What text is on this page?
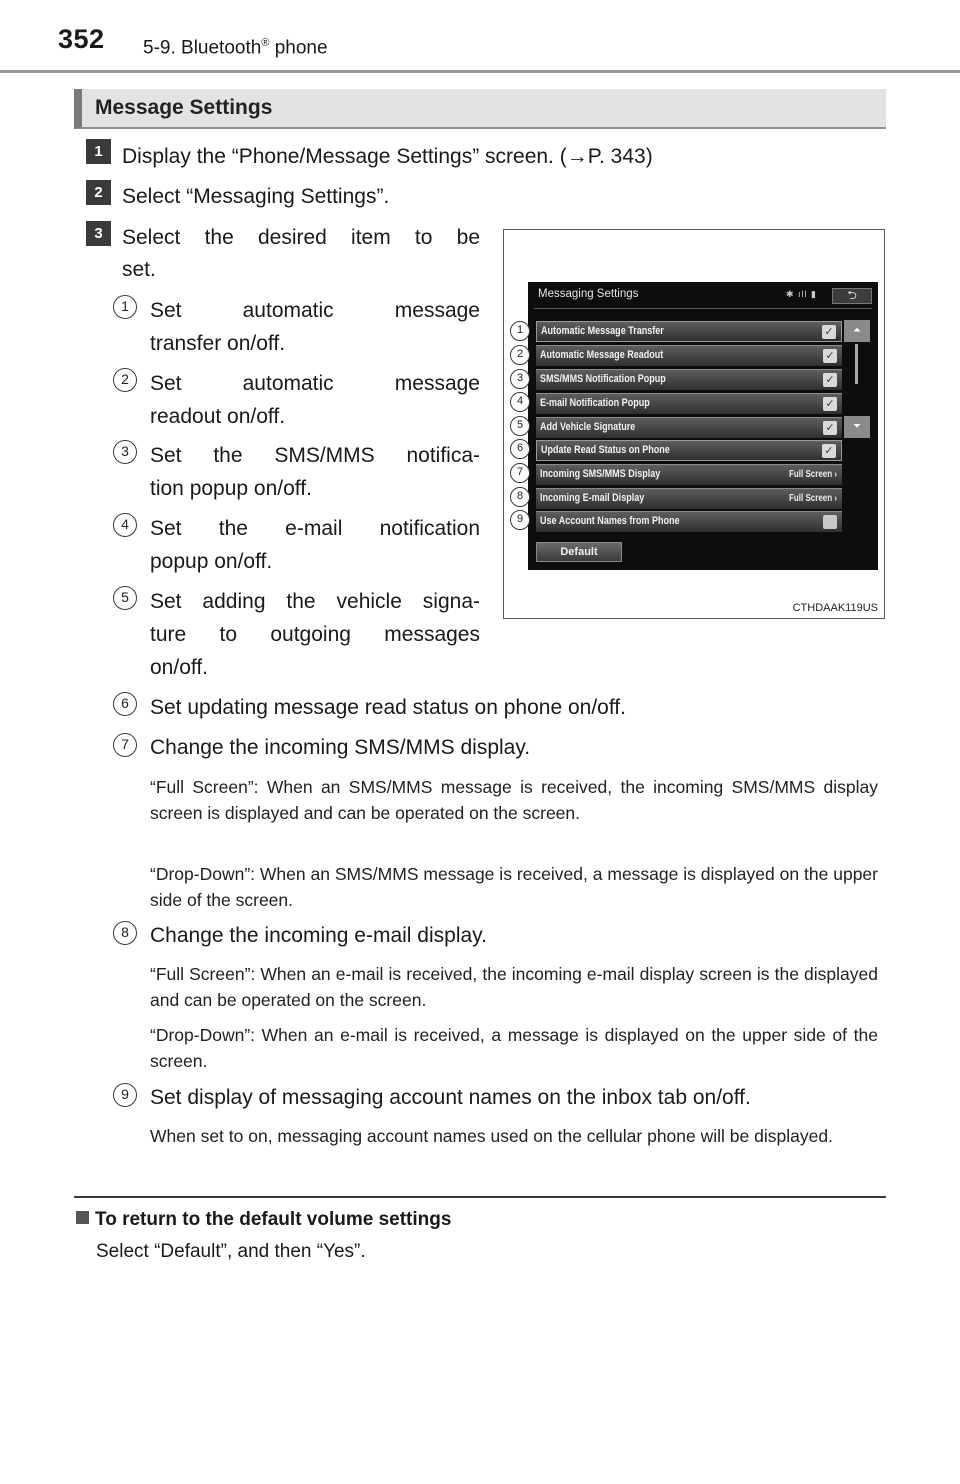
352 5-9. Bluetooth® phone
Message Settings
1 Display the “Phone/Message Settings” screen. (→P. 343)
2 Select “Messaging Settings”.
3 Select the desired item to be
set.
1	Set automatic message
transfer on/off.
2	Set automatic message
readout on/off.
3	Set the SMS/MMS notifica-
tion popup on/off.
4	Set the e-mail notification
popup on/off.
5	Set adding the vehicle signa-
ture to outgoing messages
on/off.
Messaging Settings	✱ ıll ▮	⮌
Automatic Message Transfer	✓
Automatic Message Readout	✓
SMS/MMS Notification Popup	✓
E-mail Notification Popup	✓
Add Vehicle Signature	✓
Update Read Status on Phone	✓
Incoming SMS/MMS Display	Full Screen ›
Incoming E-mail Display	Full Screen ›
Use Account Names from Phone
⏶
⏷
Default
1
2
3
4
5
6
7
8
9
CTHDAAK119US
6	Set updating message read status on phone on/off.
7	Change the incoming SMS/MMS display.
“Full Screen”: When an SMS/MMS message is received, the incoming SMS/MMS display screen is displayed and can be operated on the screen.
“Drop-Down”: When an SMS/MMS message is received, a message is displayed on the upper side of the screen.
8	Change the incoming e-mail display.
“Full Screen”: When an e-mail is received, the incoming e-mail display screen is the displayed and can be operated on the screen.
“Drop-Down”: When an e-mail is received, a message is displayed on the upper side of the screen.
9	Set display of messaging account names on the inbox tab on/off.
When set to on, messaging account names used on the cellular phone will be displayed.
To return to the default volume settings
Select “Default”, and then “Yes”.
